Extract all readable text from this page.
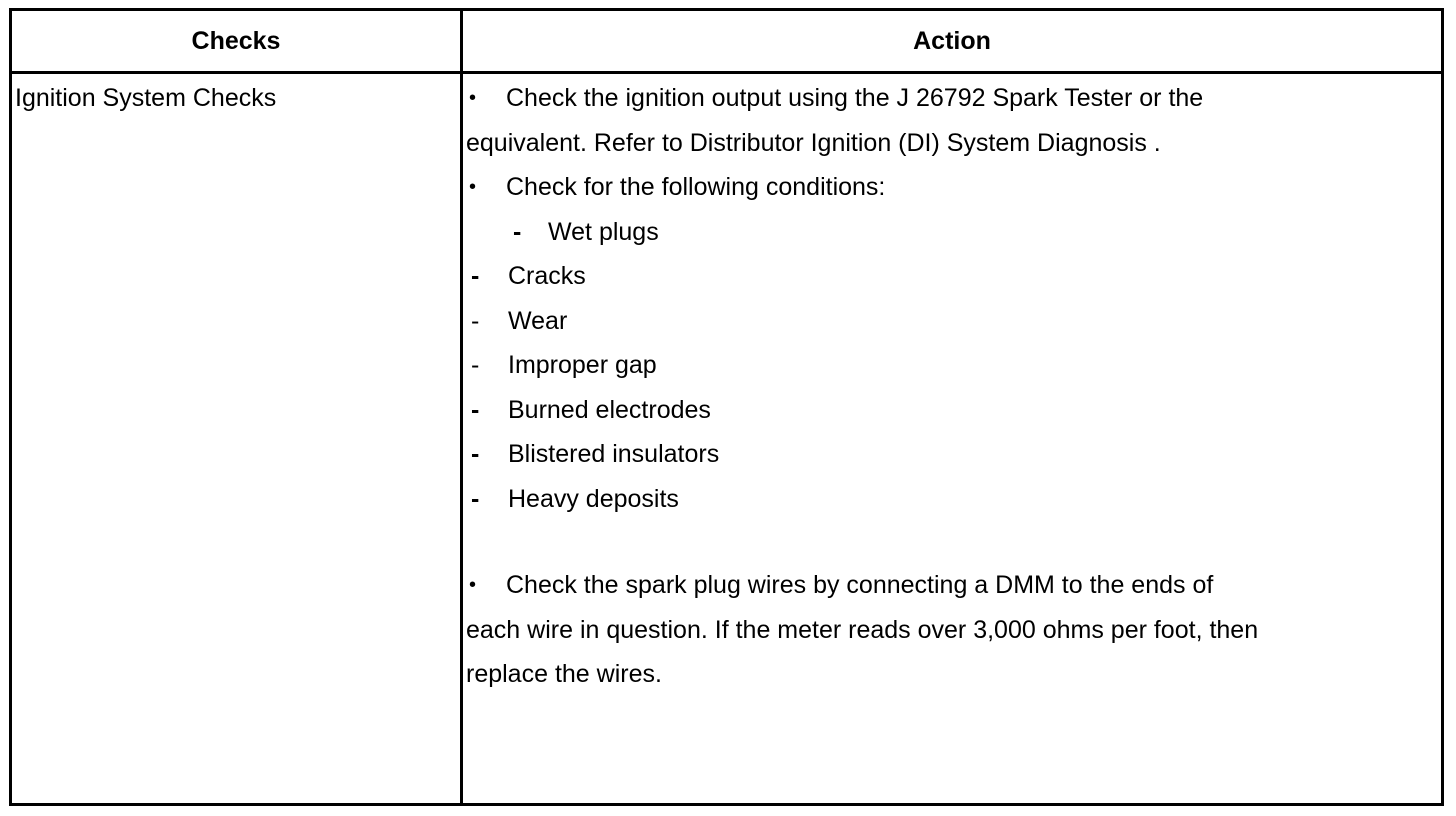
Checks	Action
Ignition System Checks	•	Check the ignition output using the J 26792 Spark Tester or the
equivalent. Refer to Distributor Ignition (DI) System Diagnosis .
•	Check for the following conditions:
-	Wet plugs
-	Cracks
-	Wear
-	Improper gap
-	Burned electrodes
-	Blistered insulators
-	Heavy deposits
•	Check the spark plug wires by connecting a DMM to the ends of
each wire in question. If the meter reads over 3,000 ohms per foot, then
replace the wires.
